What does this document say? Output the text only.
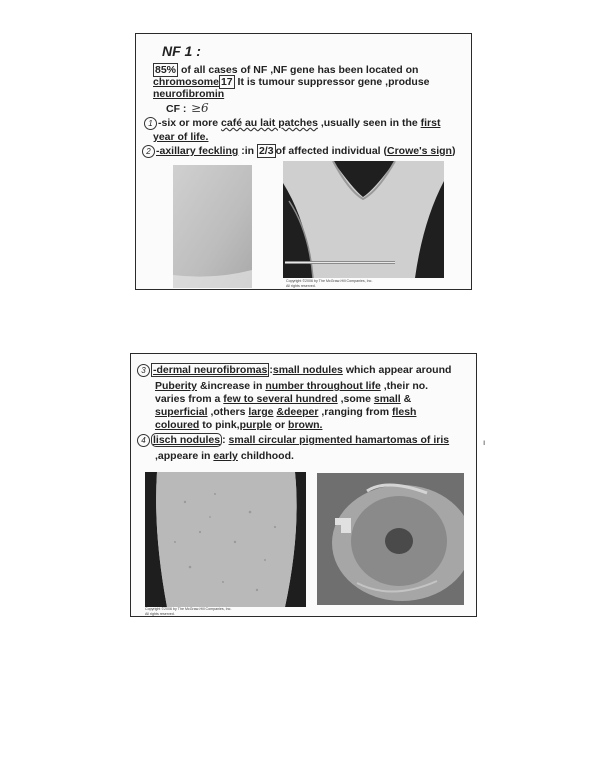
NF 1 :
85% of all cases of NF ,NF gene has been located on
chromosome 17 It is tumour suppressor gene ,produse
neurofibromin
CF : ≥6
1 -six or more café au lait patches ,usually seen in the first
year of life.
2 -axillary feckling :in 2/3 of affected individual (Crowe's sign)
Copyright ©2006 by The McGraw-Hill Companies, Inc.
All rights reserved.
3 -dermal neurofibromas :small nodules which appear around
Puberity &increase in number throughout life ,their no.
varies from a few to several hundred ,some small &
superficial ,others large &deeper ,ranging from flesh
coloured to pink,purple or brown.
4 lisch nodules : small circular pigmented hamartomas of iris
,appeare in early childhood.
Copyright ©2006 by The McGraw-Hill Companies, Inc.
All rights reserved.
ı
